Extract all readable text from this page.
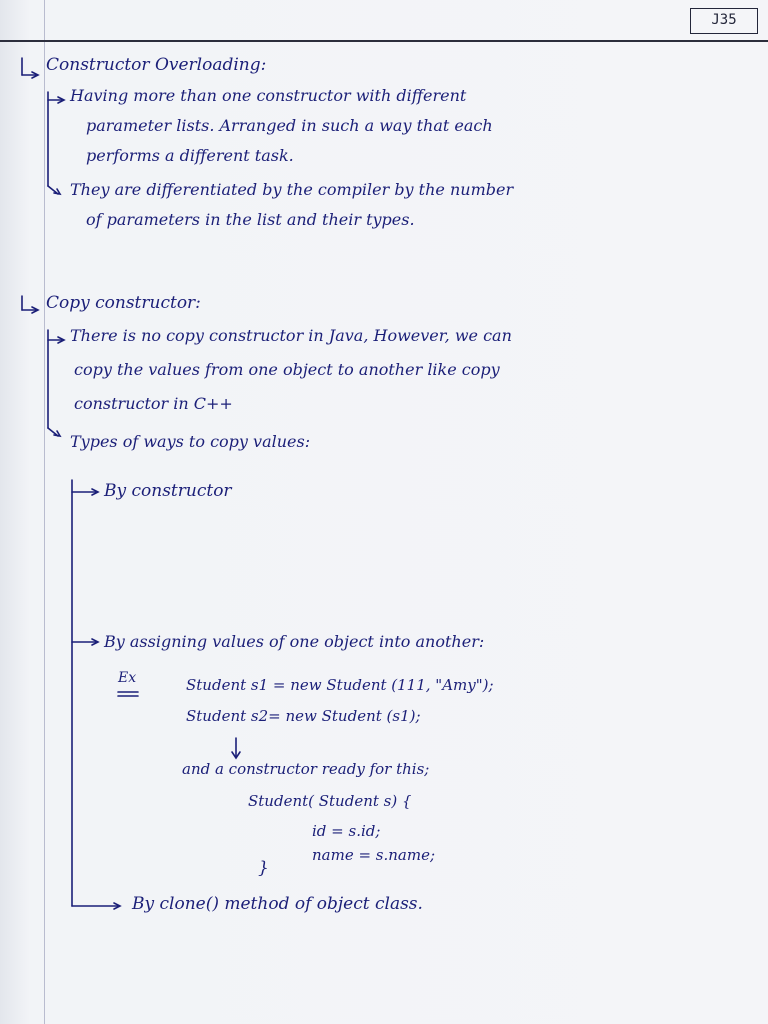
J35
Constructor Overloading:
Having more than one constructor with different
parameter lists. Arranged in such a way that each
performs a different task.
They are differentiated by the compiler by the number
of parameters in the list and their types.
Copy constructor:
There is no copy constructor in Java, However, we can
copy the values from one object to another like copy
constructor in C++
Types of ways to copy values:
By constructor
By assigning values of one object into another:
Ex	Student s1 = new Student (111, "Amy");
Student s2= new Student (s1);
and a constructor ready for this;
Student( Student s) {
id = s.id;
name = s.name;
}
By clone() method of object class.
